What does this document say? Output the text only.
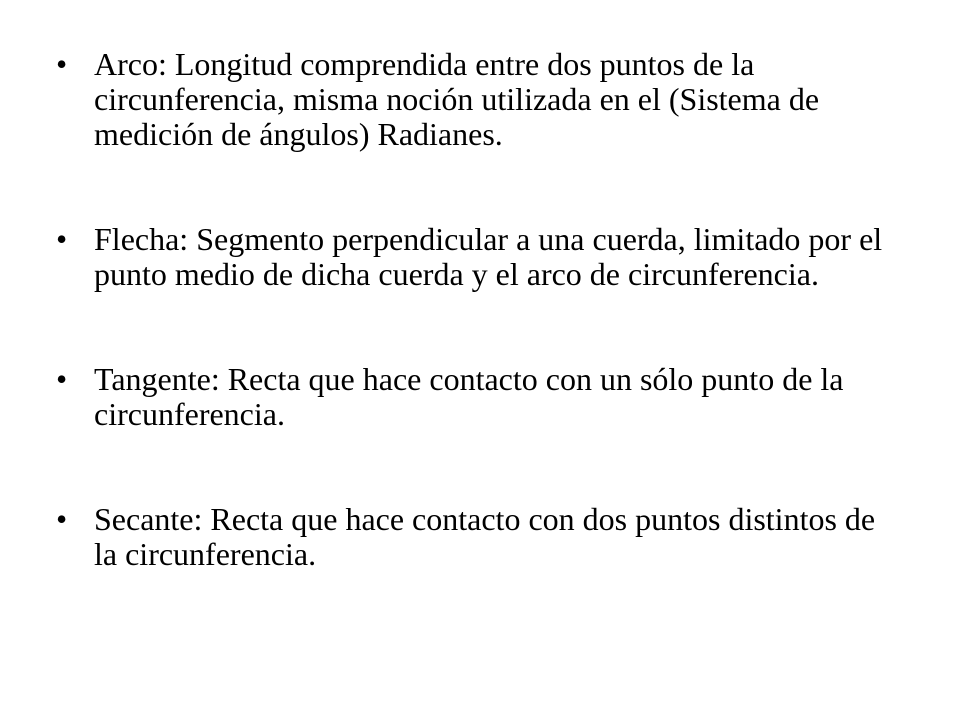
• Arco: Longitud comprendida entre dos puntos de la circunferencia, misma noción utilizada en el (Sistema de medición de ángulos) Radianes.
• Flecha: Segmento perpendicular a una cuerda, limitado por el punto medio de dicha cuerda y el arco de circunferencia.
• Tangente: Recta que hace contacto con un sólo punto de la circunferencia.
• Secante: Recta que hace contacto con dos puntos distintos de la circunferencia.
